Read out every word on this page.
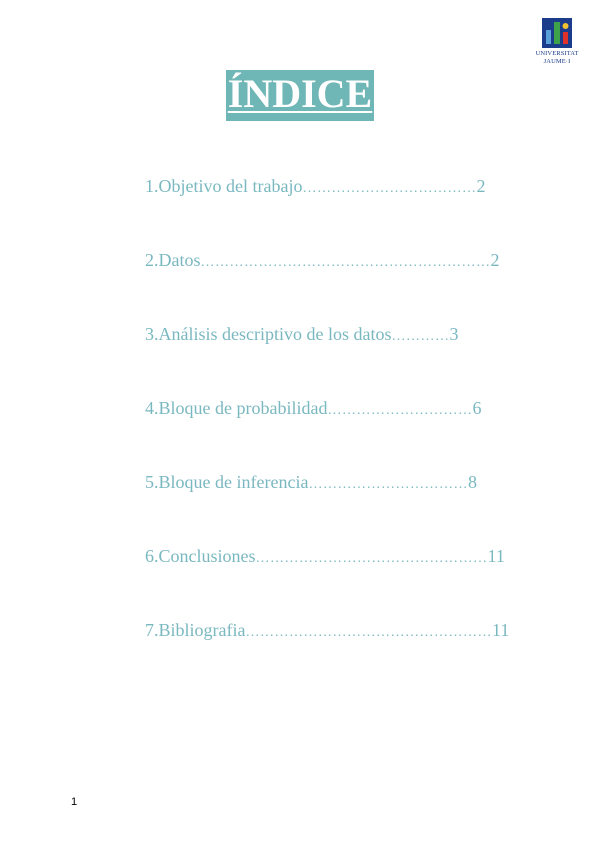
UNIVERSITAT
JAUME·I
ÍNDICE
1.Objetivo del trabajo ……………………………… 2
2.Datos …………………………………………………… 2
3.Análisis descriptivo de los datos ………… 3
4.Bloque de probabilidad ………………………… 6
5.Bloque de inferencia …………………………… 8
6.Conclusiones ………………………………………… 11
7.Bibliografia …………………………………………… 11
1
